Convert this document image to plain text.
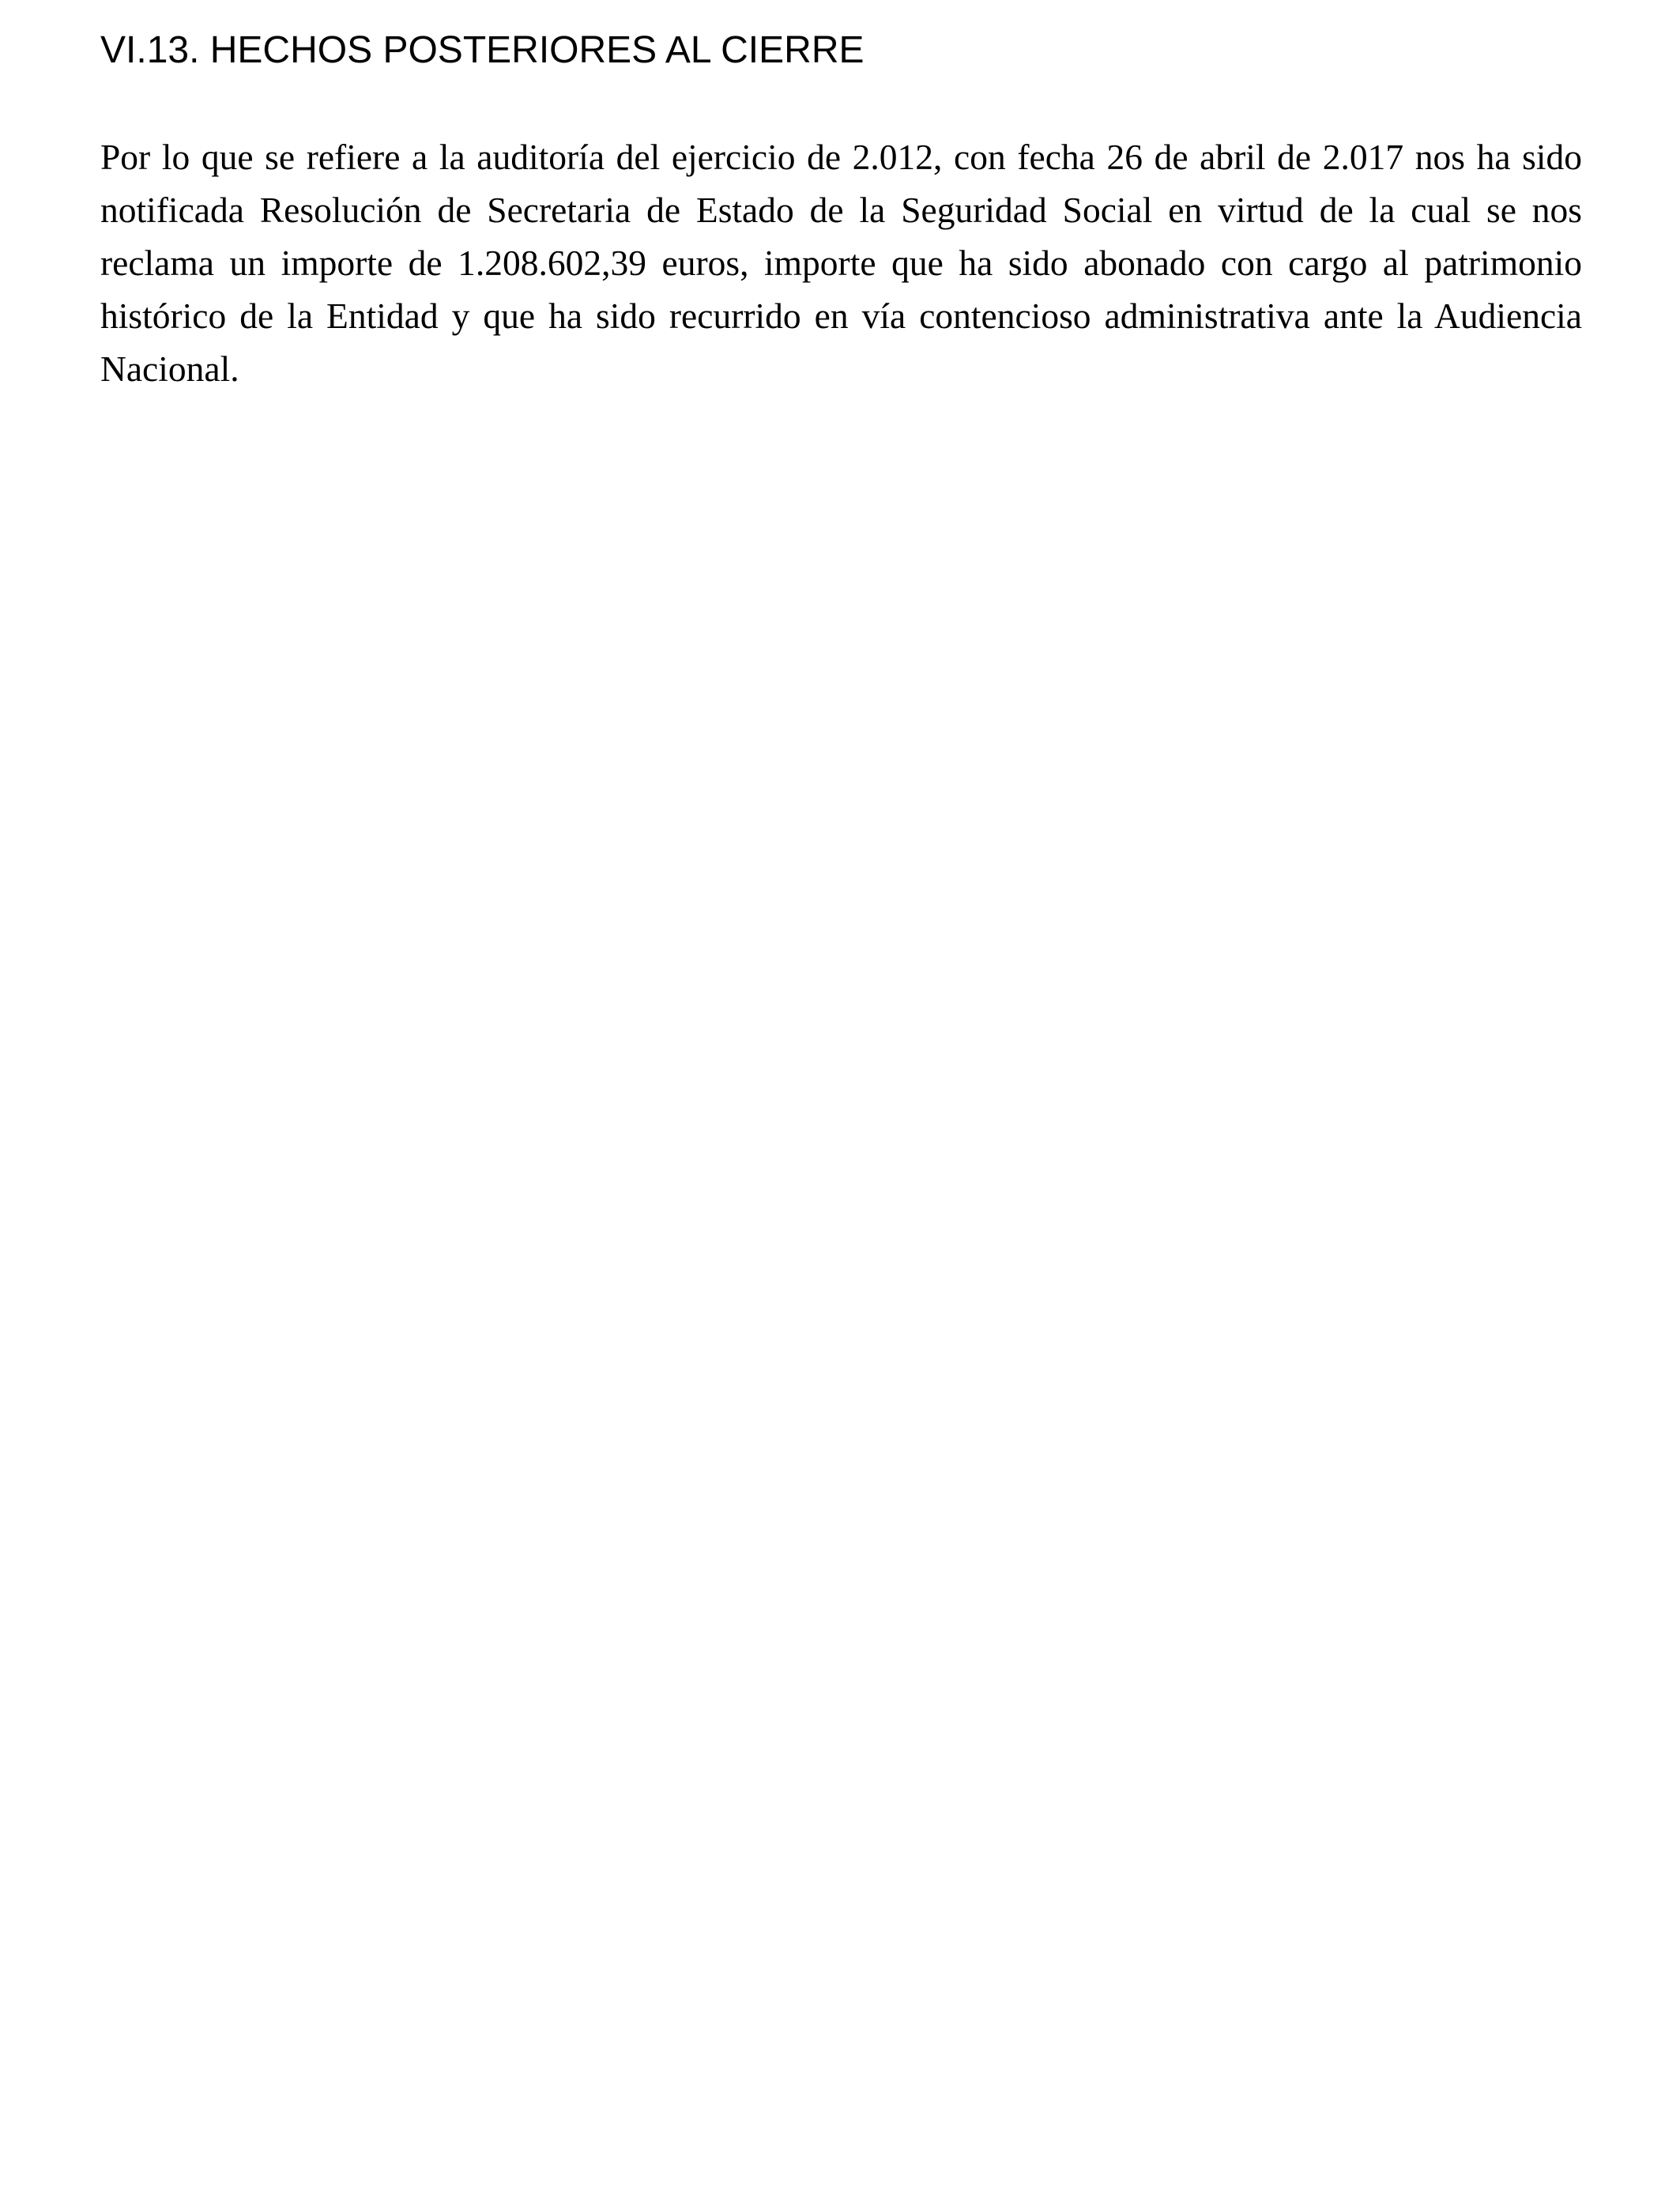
VI.13. HECHOS POSTERIORES AL CIERRE

Por lo que se refiere a la auditoría del ejercicio de 2.012, con fecha 26 de abril de 2.017 nos ha sido notificada Resolución de Secretaria de Estado de la Seguridad Social en virtud de la cual se nos reclama un importe de 1.208.602,39 euros, importe que ha sido abonado con cargo al patrimonio histórico de la Entidad y que ha sido recurrido en vía contencioso administrativa ante la Audiencia Nacional.
